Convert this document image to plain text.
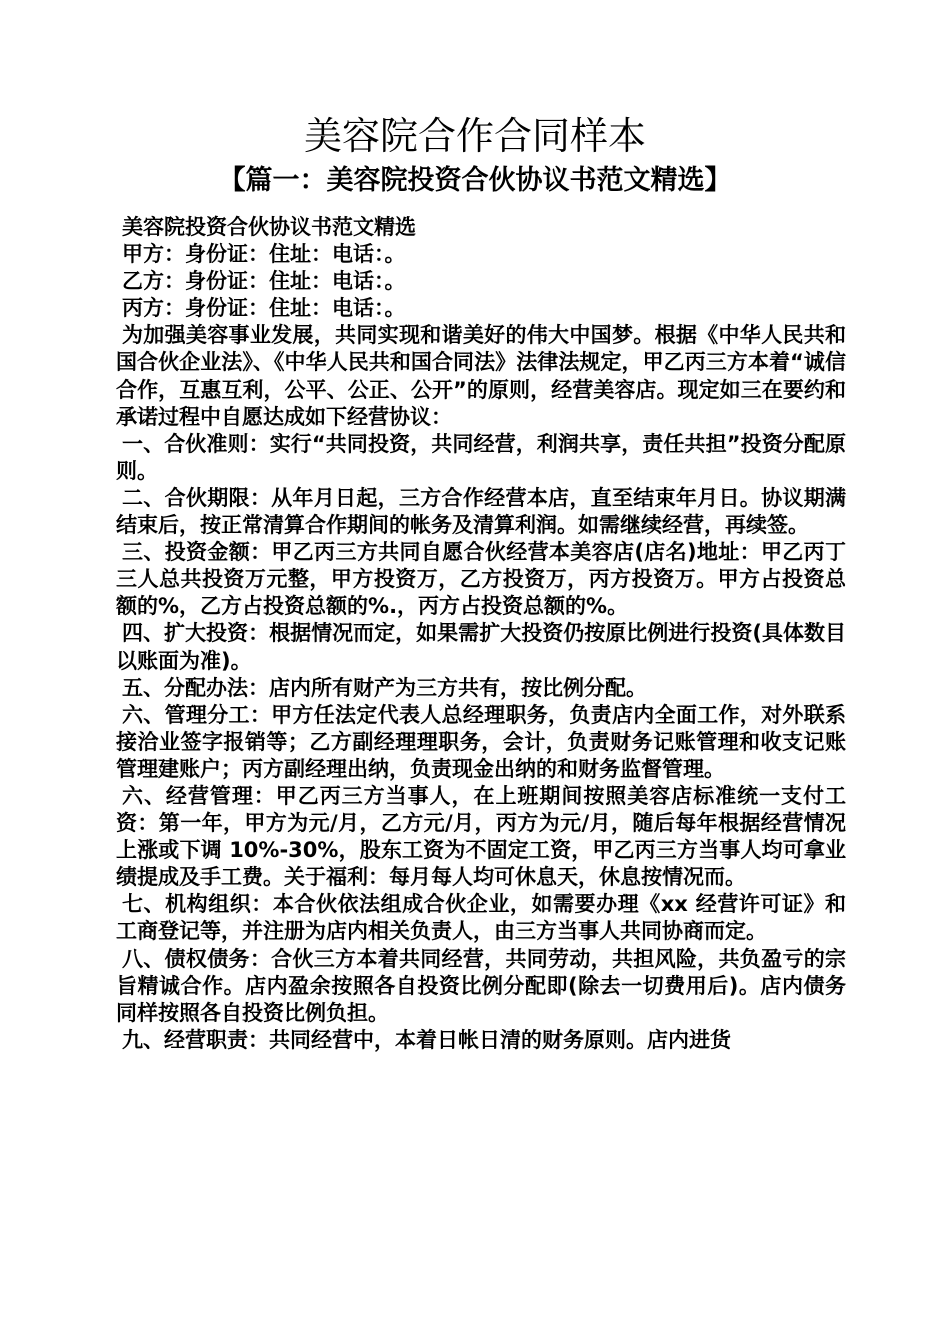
美容院合作合同样本
【篇一：美容院投资合伙协议书范文精选】

美容院投资合伙协议书范文精选

甲方：身份证：住址：电话：。

乙方：身份证：住址：电话：。

丙方：身份证：住址：电话：。

为加强美容事业发展，共同实现和谐美好的伟大中国梦。根据《中华人民共和国合伙企业法》、《中华人民共和国合同法》法律法规定，甲乙丙三方本着“诚信合作，互惠互利，公平、公正、公开”的原则，经营美容店。现定如三在要约和承诺过程中自愿达成如下经营协议：

一、合伙准则：实行“共同投资，共同经营，利润共享，责任共担”投资分配原则。

二、合伙期限：从年月日起，三方合作经营本店，直至结束年月日。协议期满结束后，按正常清算合作期间的帐务及清算利润。如需继续经营，再续签。

三、投资金额：甲乙丙三方共同自愿合伙经营本美容店(店名)地址：甲乙丙丁三人总共投资万元整，甲方投资万，乙方投资万，丙方投资万。甲方占投资总额的%，乙方占投资总额的%.，丙方占投资总额的%。

四、扩大投资：根据情况而定，如果需扩大投资仍按原比例进行投资(具体数目以账面为准)。

五、分配办法：店内所有财产为三方共有，按比例分配。

六、管理分工：甲方任法定代表人总经理职务，负责店内全面工作，对外联系接洽业签字报销等；乙方副经理理职务，会计，负责财务记账管理和收支记账管理建账户；丙方副经理出纳，负责现金出纳的和财务监督管理。

六、经营管理：甲乙丙三方当事人，在上班期间按照美容店标准统一支付工资：第一年，甲方为元/月，乙方元/月，丙方为元/月，随后每年根据经营情况上涨或下调 10%-30%，股东工资为不固定工资，甲乙丙三方当事人均可拿业绩提成及手工费。关于福利：每月每人均可休息天，休息按情况而。

七、机构组织：本合伙依法组成合伙企业，如需要办理《xx 经营许可证》和工商登记等，并注册为店内相关负责人，由三方当事人共同协商而定。

八、债权债务：合伙三方本着共同经营，共同劳动，共担风险，共负盈亏的宗旨精诚合作。店内盈余按照各自投资比例分配即(除去一切费用后)。店内债务同样按照各自投资比例负担。

九、经营职责：共同经营中，本着日帐日清的财务原则。店内进货
